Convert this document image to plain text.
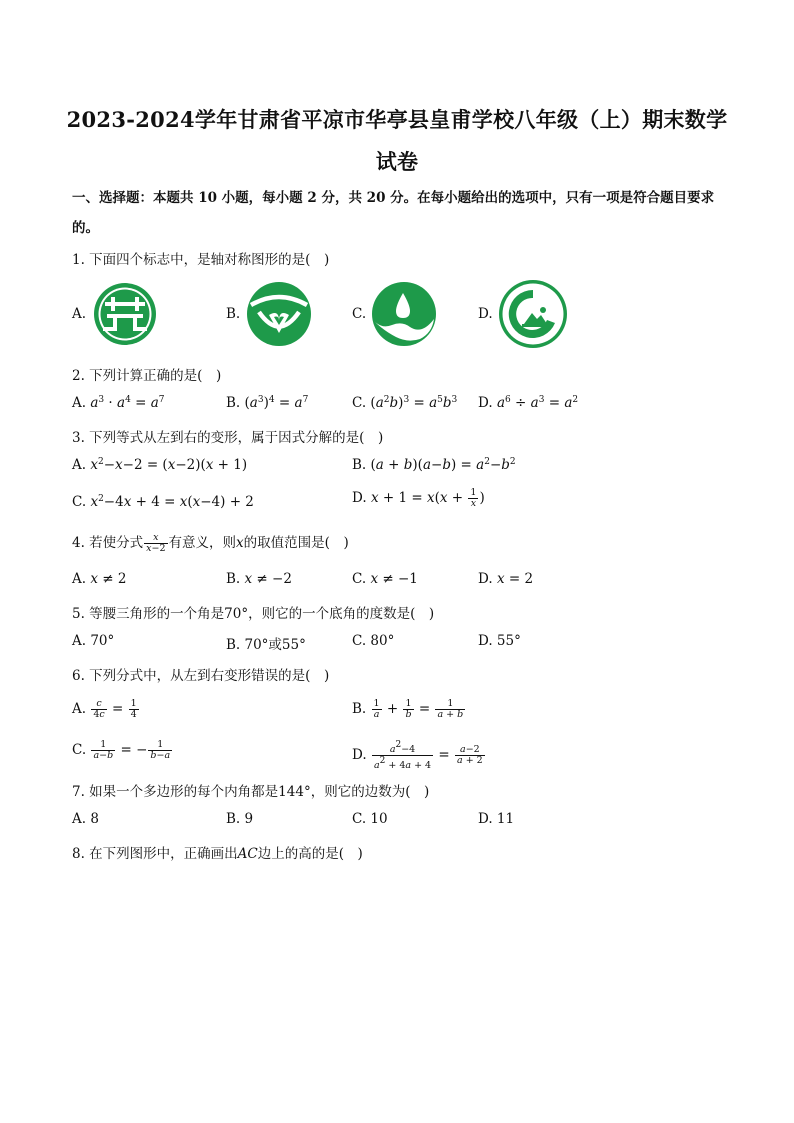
2023-2024学年甘肃省平凉市华亭县皇甫学校八年级（上）期末数学
试卷
一、选择题：本题共 10 小题，每小题 2 分，共 20 分。在每小题给出的选项中，只有一项是符合题目要求
的。
1. 下面四个标志中，是轴对称图形的是(　)
A.	B.	C.	D.
2. 下列计算正确的是(　)
A. $a^3 \cdot a^4 = a^7$	B. $(a^3)^4 = a^7$	C. $(a^2b)^3 = a^5b^3$ D. $a^6 \div a^3 = a^2$
3. 下列等式从左到右的变形，属于因式分解的是(　)
A. $x^2-x-2 = (x-2)(x + 1)$	B. $(a + b)(a-b) = a^2-b^2$
C. $x^2-4x + 4 = x(x-4) + 2$	D. $x + 1 = x(x + \frac{1}{x}$ )
4. 若使分式 $\frac{x}{x-2}$ 有意义，则x的取值范围是(　)
A. x ≠ 2	B. x ≠ −2	C. x ≠ −1	D. x = 2
5. 等腰三角形的一个角是70°，则它的一个底角的度数是(　)
A. 70°	B. 70°或55°	C. 80°	D. 55°
6. 下列分式中，从左到右变形错误的是(　)
A. $\frac{c}{4c} = \frac{1}{4}$	B. $\frac{1}{a} + \frac{1}{b} = \frac{1}{a + b}$
C. $\frac{1}{a-b}$ = − $\frac{1}{b-a}$	D. $\frac{a^2-4}{a^2 + 4a + 4} = \frac{a-2}{a + 2}$
7. 如果一个多边形的每个内角都是144°，则它的边数为(　)
A. 8	B. 9	C. 10	D. 11
8. 在下列图形中，正确画出AC边上的高的是(　)
